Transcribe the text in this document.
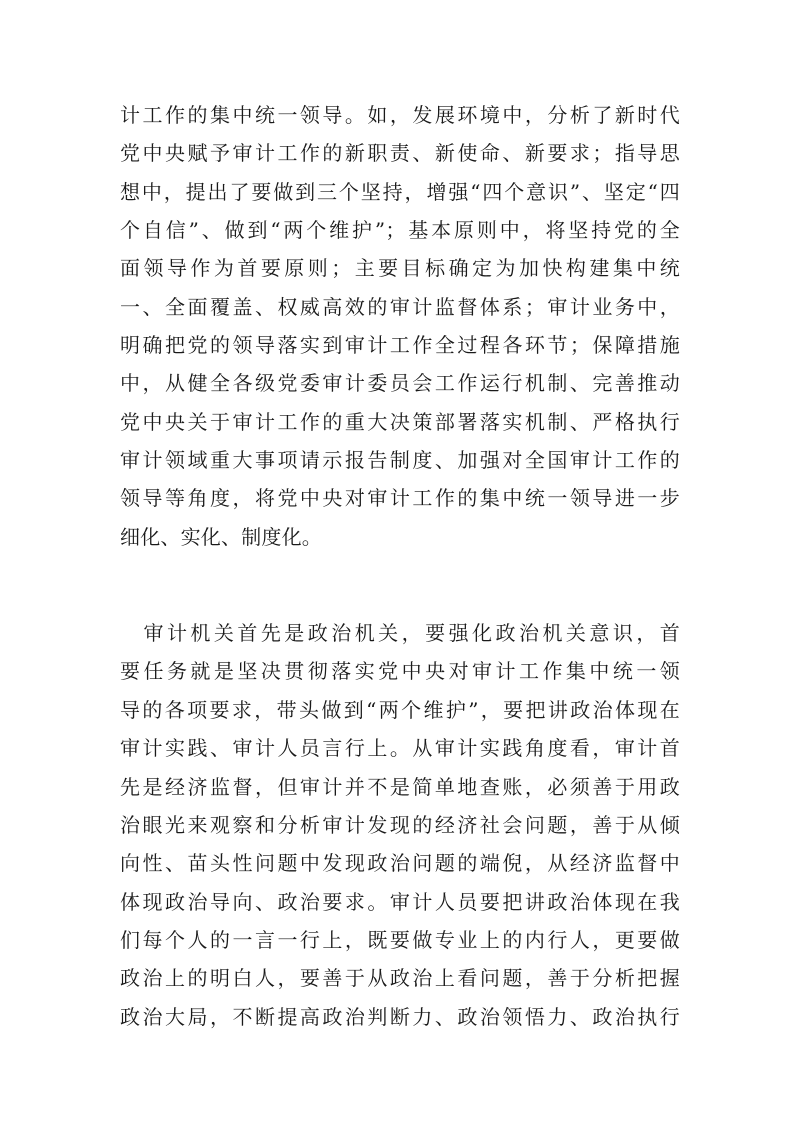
计工作的集中统一领导。如，发展环境中，分析了新时代
党中央赋予审计工作的新职责、新使命、新要求；指导思
想中，提出了要做到三个坚持，增强“四个意识”、坚定“四
个自信”、做到“两个维护”；基本原则中，将坚持党的全
面领导作为首要原则；主要目标确定为加快构建集中统
一、全面覆盖、权威高效的审计监督体系；审计业务中，
明确把党的领导落实到审计工作全过程各环节；保障措施
中，从健全各级党委审计委员会工作运行机制、完善推动
党中央关于审计工作的重大决策部署落实机制、严格执行
审计领域重大事项请示报告制度、加强对全国审计工作的
领导等角度，将党中央对审计工作的集中统一领导进一步
细化、实化、制度化。
　审计机关首先是政治机关，要强化政治机关意识，首
要任务就是坚决贯彻落实党中央对审计工作集中统一领
导的各项要求，带头做到“两个维护”，要把讲政治体现在
审计实践、审计人员言行上。从审计实践角度看，审计首
先是经济监督，但审计并不是简单地查账，必须善于用政
治眼光来观察和分析审计发现的经济社会问题，善于从倾
向性、苗头性问题中发现政治问题的端倪，从经济监督中
体现政治导向、政治要求。审计人员要把讲政治体现在我
们每个人的一言一行上，既要做专业上的内行人，更要做
政治上的明白人，要善于从政治上看问题，善于分析把握
政治大局，不断提高政治判断力、政治领悟力、政治执行
